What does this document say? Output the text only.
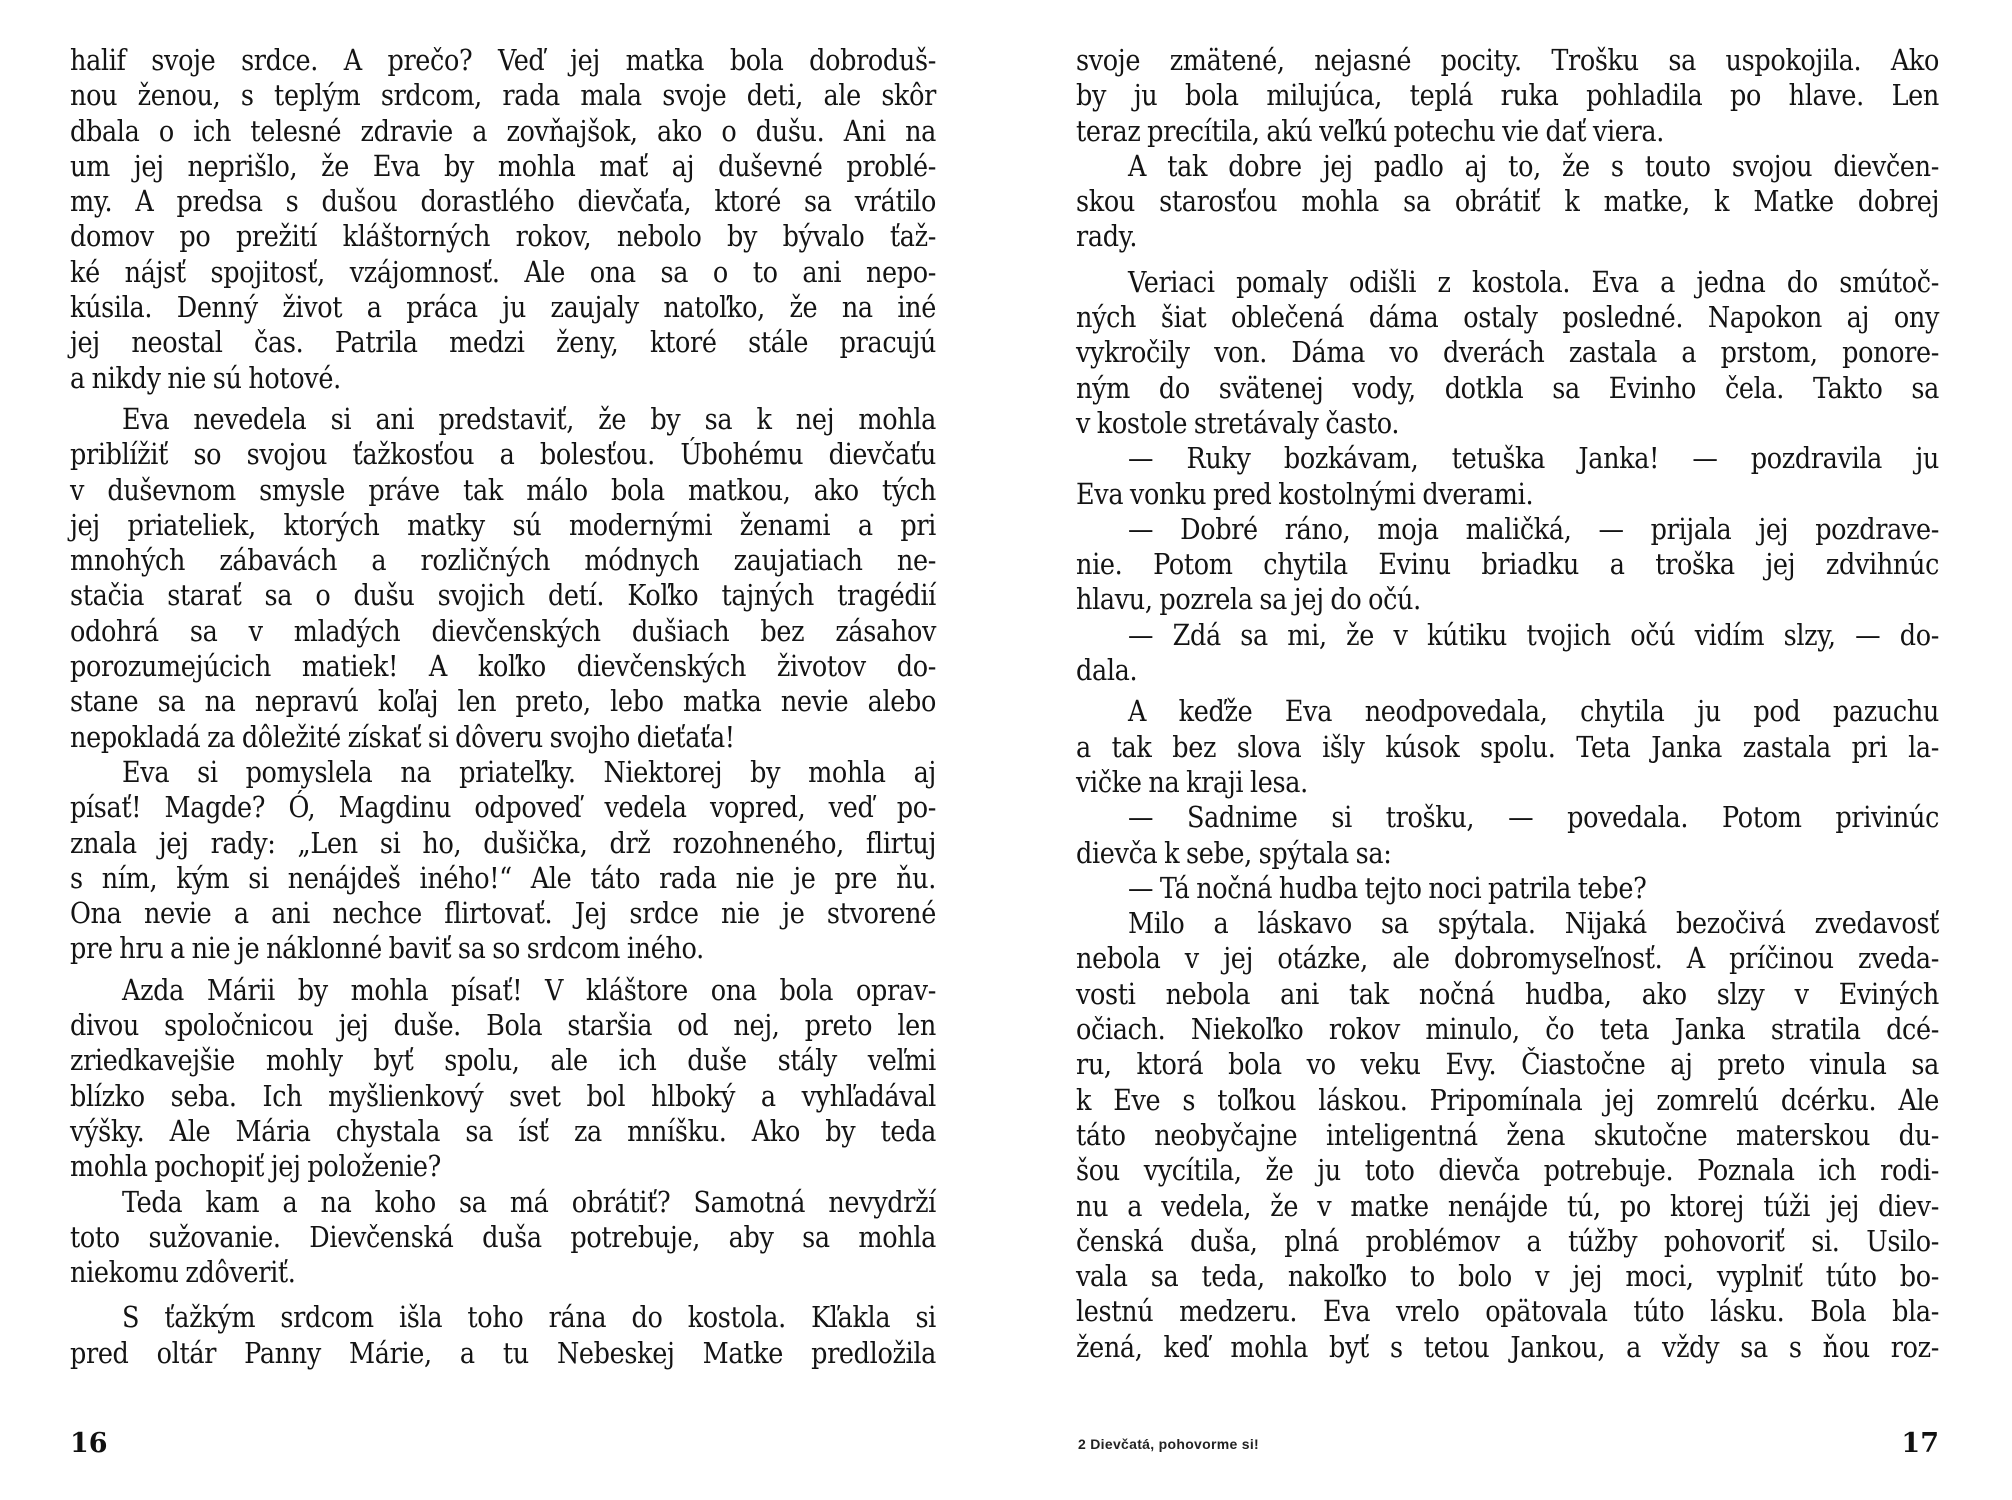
halif svoje srdce. A prečo? Veď jej matka bola dobroduš-
nou ženou, s teplým srdcom, rada mala svoje deti, ale skôr
dbala o ich telesné zdravie a zovňajšok, ako o dušu. Ani na
um jej neprišlo, že Eva by mohla mať aj duševné problé-
my. A predsa s dušou dorastlého dievčaťa, ktoré sa vrátilo
domov po prežití kláštorných rokov, nebolo by bývalo ťaž-
ké nájsť spojitosť, vzájomnosť. Ale ona sa o to ani nepo-
kúsila. Denný život a práca ju zaujaly natoľko, že na iné
jej neostal čas. Patrila medzi ženy, ktoré stále pracujú
a nikdy nie sú hotové.
Eva nevedela si ani predstaviť, že by sa k nej mohla
priblížiť so svojou ťažkosťou a bolesťou. Úbohému dievčaťu
v duševnom smysle práve tak málo bola matkou, ako tých
jej priateliek, ktorých matky sú modernými ženami a pri
mnohých zábavách a rozličných módnych zaujatiach ne-
stačia starať sa o dušu svojich detí. Koľko tajných tragédií
odohrá sa v mladých dievčenských dušiach bez zásahov
porozumejúcich matiek! A koľko dievčenských životov do-
stane sa na nepravú koľaj len preto, lebo matka nevie alebo
nepokladá za dôležité získať si dôveru svojho dieťaťa!
Eva si pomyslela na priateľky. Niektorej by mohla aj
písať! Magde? Ó, Magdinu odpoveď vedela vopred, veď po-
znala jej rady: „Len si ho, dušička, drž rozohneného, flirtuj
s ním, kým si nenájdeš iného!“ Ale táto rada nie je pre ňu.
Ona nevie a ani nechce flirtovať. Jej srdce nie je stvorené
pre hru a nie je náklonné baviť sa so srdcom iného.
Azda Márii by mohla písať! V kláštore ona bola oprav-
divou spoločnicou jej duše. Bola staršia od nej, preto len
zriedkavejšie mohly byť spolu, ale ich duše stály veľmi
blízko seba. Ich myšlienkový svet bol hlboký a vyhľadával
výšky. Ale Mária chystala sa ísť za mníšku. Ako by teda
mohla pochopiť jej položenie?
Teda kam a na koho sa má obrátiť? Samotná nevydrží
toto sužovanie. Dievčenská duša potrebuje, aby sa mohla
niekomu zdôveriť.
S ťažkým srdcom išla toho rána do kostola. Kľakla si
pred oltár Panny Márie, a tu Nebeskej Matke predložila
16
svoje zmätené, nejasné pocity. Trošku sa uspokojila. Ako
by ju bola milujúca, teplá ruka pohladila po hlave. Len
teraz precítila, akú veľkú potechu vie dať viera.
A tak dobre jej padlo aj to, že s touto svojou dievčen-
skou starosťou mohla sa obrátiť k matke, k Matke dobrej
rady.
Veriaci pomaly odišli z kostola. Eva a jedna do smútoč-
ných šiat oblečená dáma ostaly posledné. Napokon aj ony
vykročily von. Dáma vo dverách zastala a prstom, ponore-
ným do svätenej vody, dotkla sa Evinho čela. Takto sa
v kostole stretávaly často.
— Ruky bozkávam, tetuška Janka! — pozdravila ju
Eva vonku pred kostolnými dverami.
— Dobré ráno, moja maličká, — prijala jej pozdrave-
nie. Potom chytila Evinu briadku a troška jej zdvihnúc
hlavu, pozrela sa jej do očú.
— Zdá sa mi, že v kútiku tvojich očú vidím slzy, — do-
dala.
A keďže Eva neodpovedala, chytila ju pod pazuchu
a tak bez slova išly kúsok spolu. Teta Janka zastala pri la-
vičke na kraji lesa.
— Sadnime si trošku, — povedala. Potom privinúc
dievča k sebe, spýtala sa:
— Tá nočná hudba tejto noci patrila tebe?
Milo a láskavo sa spýtala. Nijaká bezočivá zvedavosť
nebola v jej otázke, ale dobromyseľnosť. A príčinou zveda-
vosti nebola ani tak nočná hudba, ako slzy v Eviných
očiach. Niekoľko rokov minulo, čo teta Janka stratila dcé-
ru, ktorá bola vo veku Evy. Čiastočne aj preto vinula sa
k Eve s toľkou láskou. Pripomínala jej zomrelú dcérku. Ale
táto neobyčajne inteligentná žena skutočne materskou du-
šou vycítila, že ju toto dievča potrebuje. Poznala ich rodi-
nu a vedela, že v matke nenájde tú, po ktorej túži jej diev-
čenská duša, plná problémov a túžby pohovoriť si. Usilo-
vala sa teda, nakoľko to bolo v jej moci, vyplniť túto bo-
lestnú medzeru. Eva vrelo opätovala túto lásku. Bola bla-
žená, keď mohla byť s tetou Jankou, a vždy sa s ňou roz-
2 Dievčatá, pohovorme si!	17
